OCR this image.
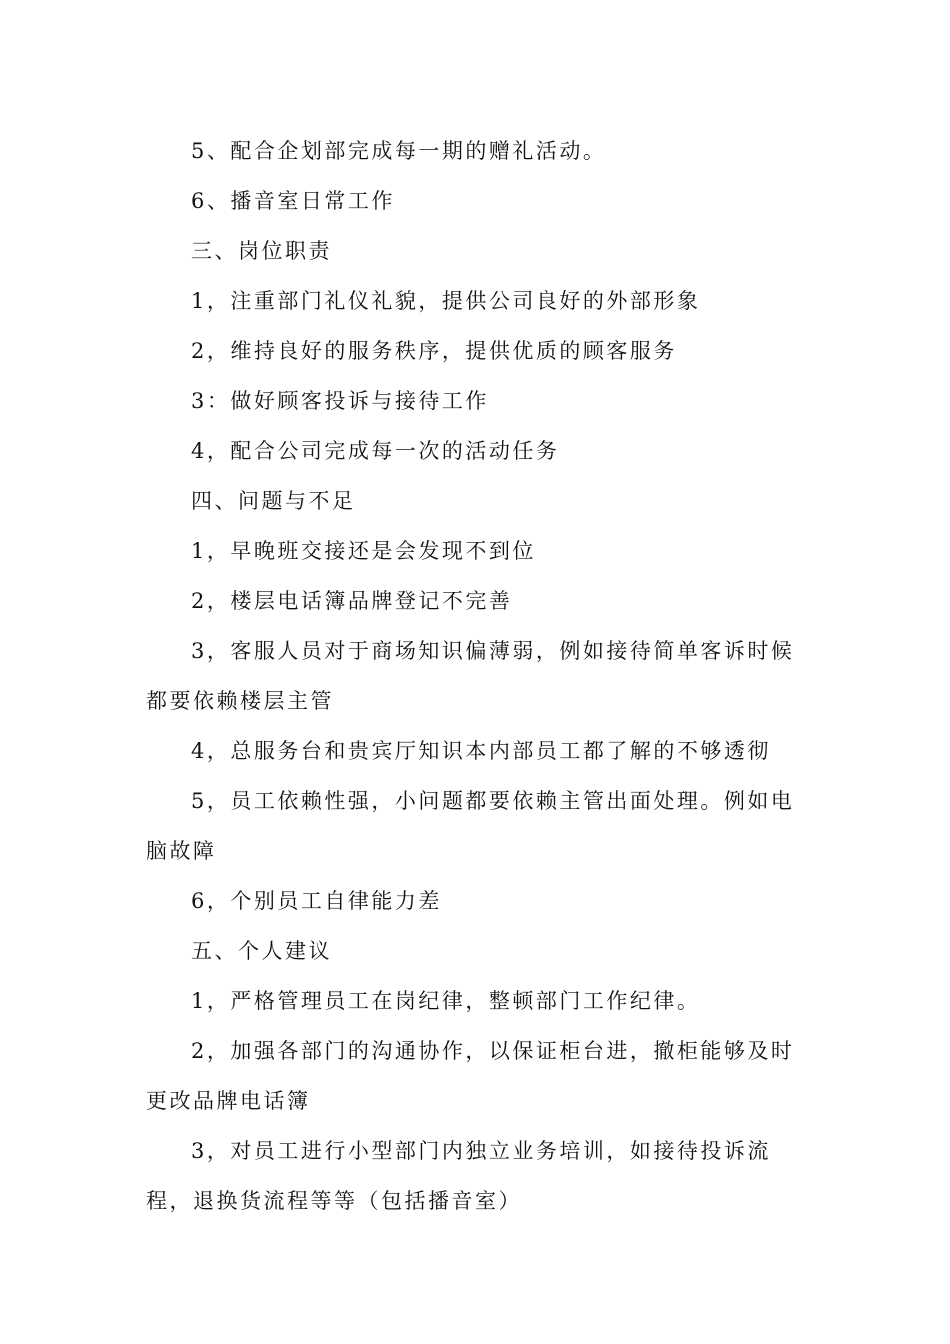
5、配合企划部完成每一期的赠礼活动。

6、播音室日常工作

三、岗位职责

1，注重部门礼仪礼貌，提供公司良好的外部形象

2，维持良好的服务秩序，提供优质的顾客服务

3：做好顾客投诉与接待工作

4，配合公司完成每一次的活动任务

四、问题与不足

1，早晚班交接还是会发现不到位

2，楼层电话簿品牌登记不完善

3，客服人员对于商场知识偏薄弱，例如接待简单客诉时候都要依赖楼层主管

4，总服务台和贵宾厅知识本内部员工都了解的不够透彻

5，员工依赖性强，小问题都要依赖主管出面处理。例如电脑故障

6，个别员工自律能力差

五、个人建议

1，严格管理员工在岗纪律，整顿部门工作纪律。

2，加强各部门的沟通协作，以保证柜台进，撤柜能够及时更改品牌电话簿

3，对员工进行小型部门内独立业务培训，如接待投诉流程，退换货流程等等（包括播音室）
